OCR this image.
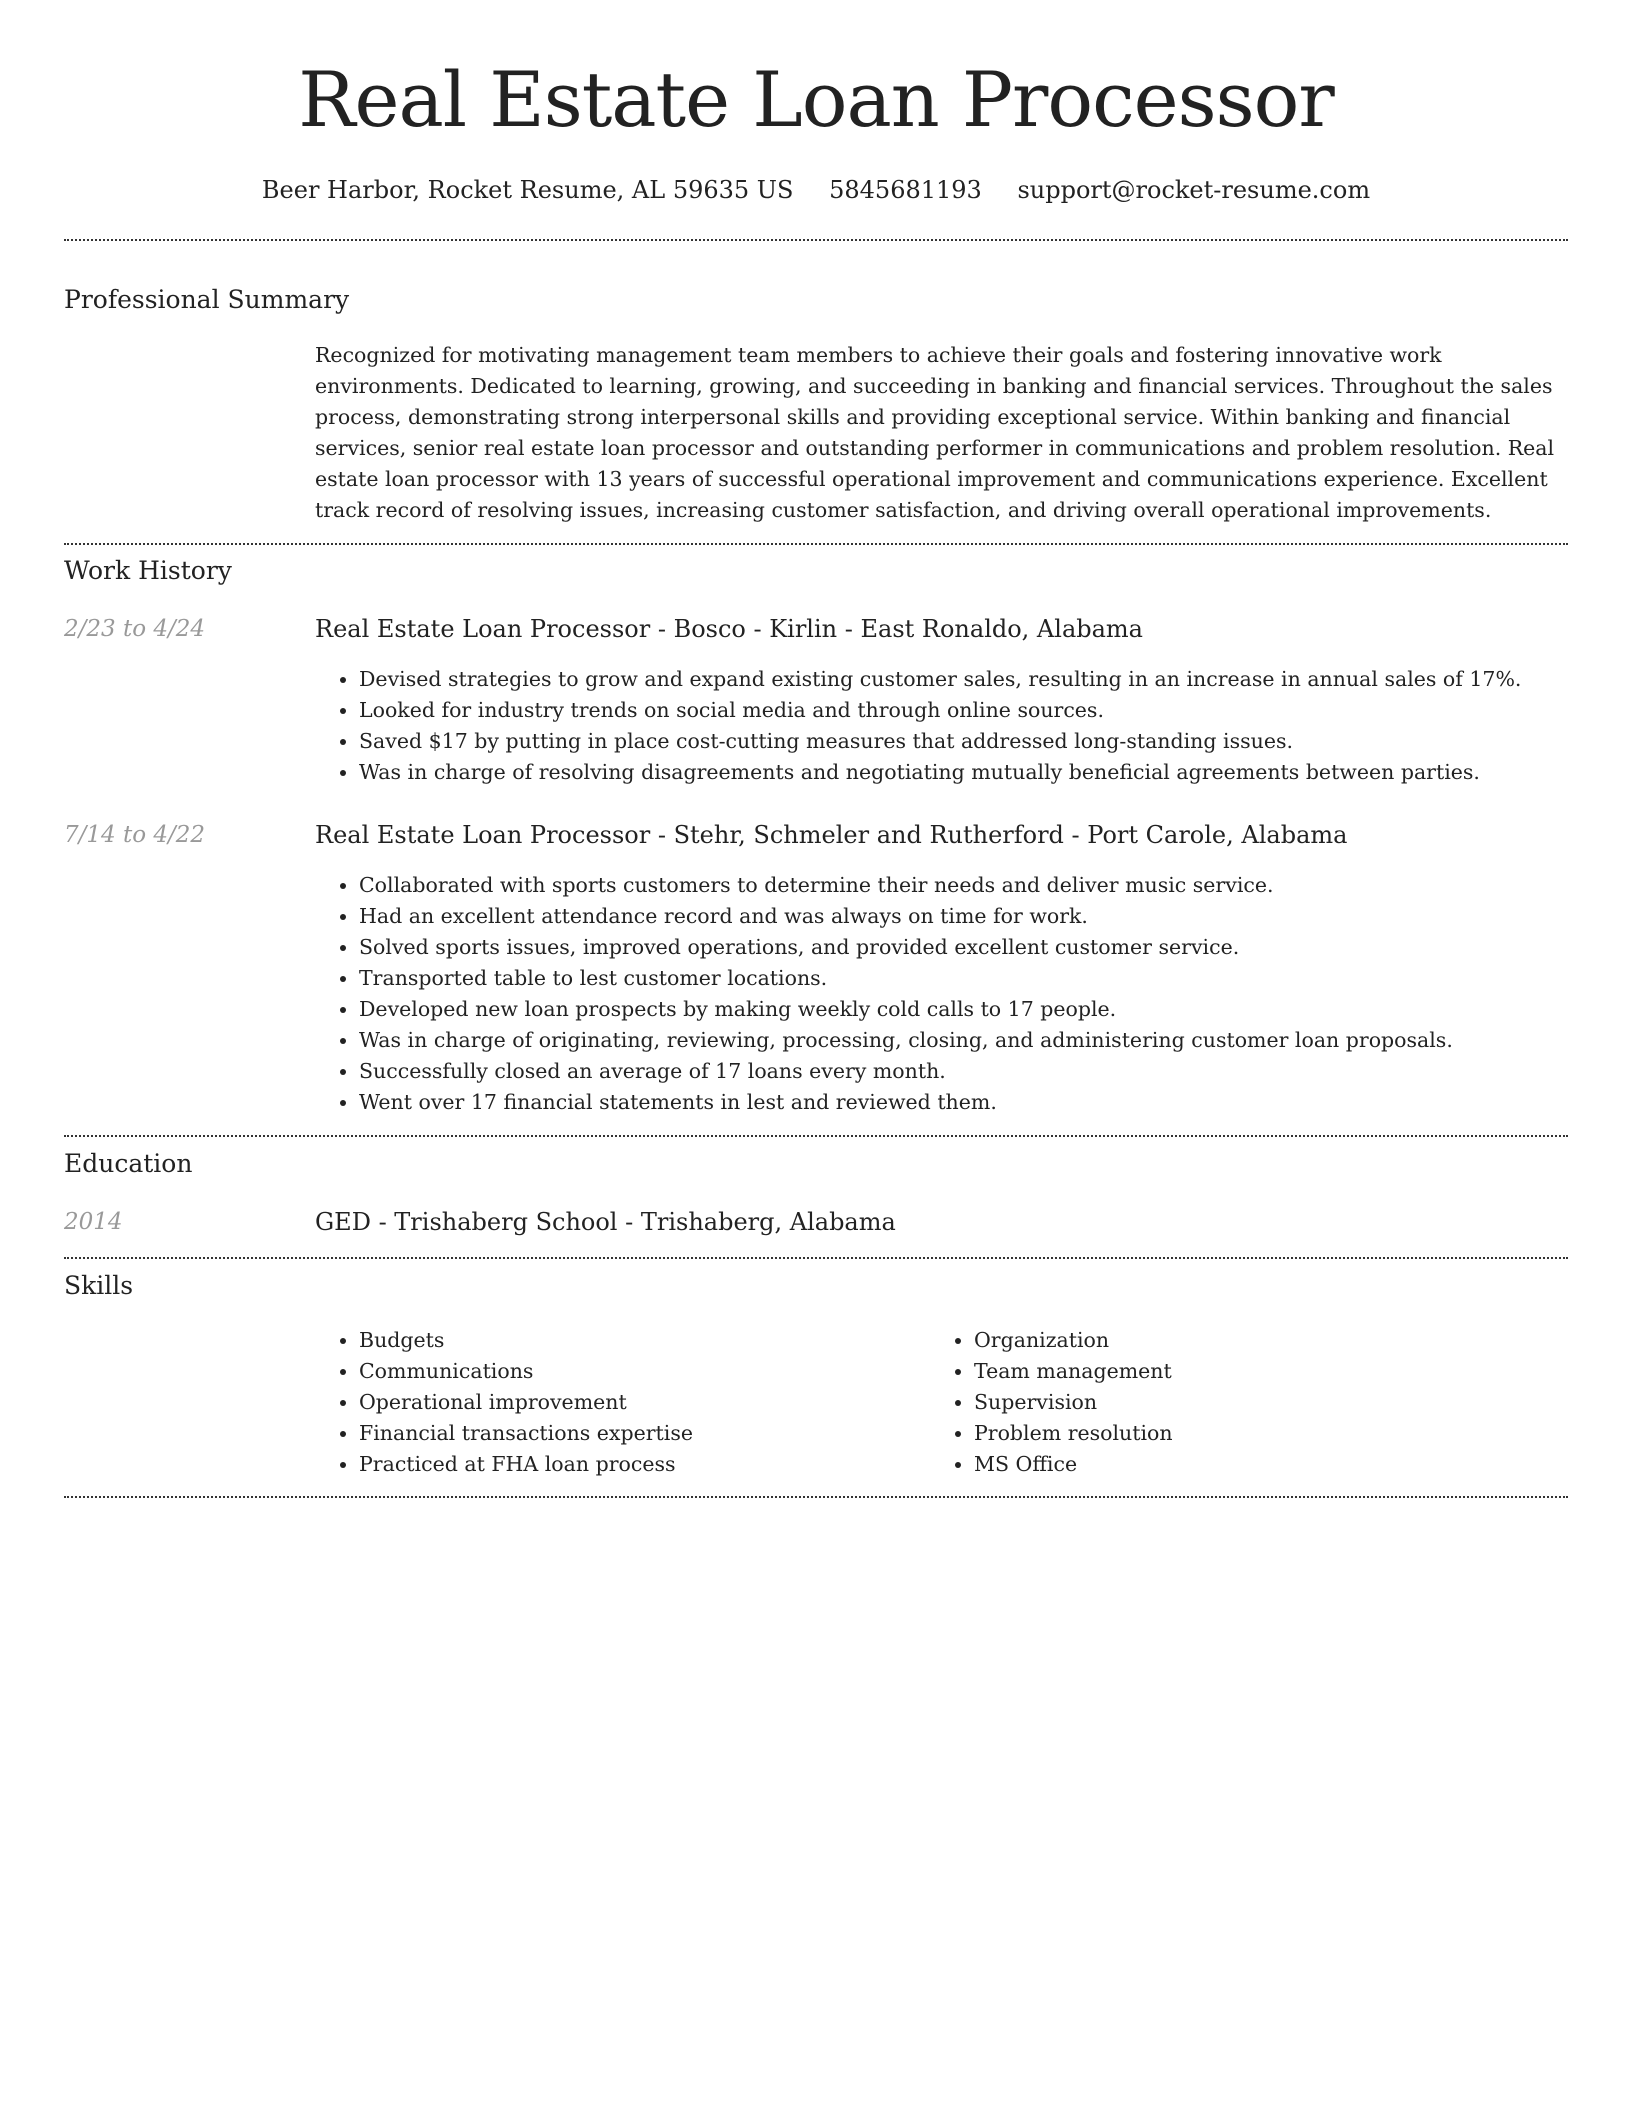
Real Estate Loan Processor
Beer Harbor, Rocket Resume, AL 59635 US 5845681193 support@rocket-resume.com
Professional Summary

Recognized for motivating management team members to achieve their goals and fostering innovative work environments. Dedicated to learning, growing, and succeeding in banking and financial services. Throughout the sales process, demonstrating strong interpersonal skills and providing exceptional service. Within banking and financial services, senior real estate loan processor and outstanding performer in communications and problem resolution. Real estate loan processor with 13 years of successful operational improvement and communications experience. Excellent track record of resolving issues, increasing customer satisfaction, and driving overall operational improvements.

Work History
2/23 to 4/24	Real Estate Loan Processor - Bosco - Kirlin - East Ronaldo, Alabama
• Devised strategies to grow and expand existing customer sales, resulting in an increase in annual sales of 17%.
• Looked for industry trends on social media and through online sources.
• Saved $17 by putting in place cost-cutting measures that addressed long-standing issues.
• Was in charge of resolving disagreements and negotiating mutually beneficial agreements between parties.
7/14 to 4/22	Real Estate Loan Processor - Stehr, Schmeler and Rutherford - Port Carole, Alabama
• Collaborated with sports customers to determine their needs and deliver music service.
• Had an excellent attendance record and was always on time for work.
• Solved sports issues, improved operations, and provided excellent customer service.
• Transported table to lest customer locations.
• Developed new loan prospects by making weekly cold calls to 17 people.
• Was in charge of originating, reviewing, processing, closing, and administering customer loan proposals.
• Successfully closed an average of 17 loans every month.
• Went over 17 financial statements in lest and reviewed them.
Education
2014	GED - Trishaberg School - Trishaberg, Alabama
Skills
• Budgets
• Communications
• Operational improvement
• Financial transactions expertise
• Practiced at FHA loan process
• Organization
• Team management
• Supervision
• Problem resolution
• MS Office
